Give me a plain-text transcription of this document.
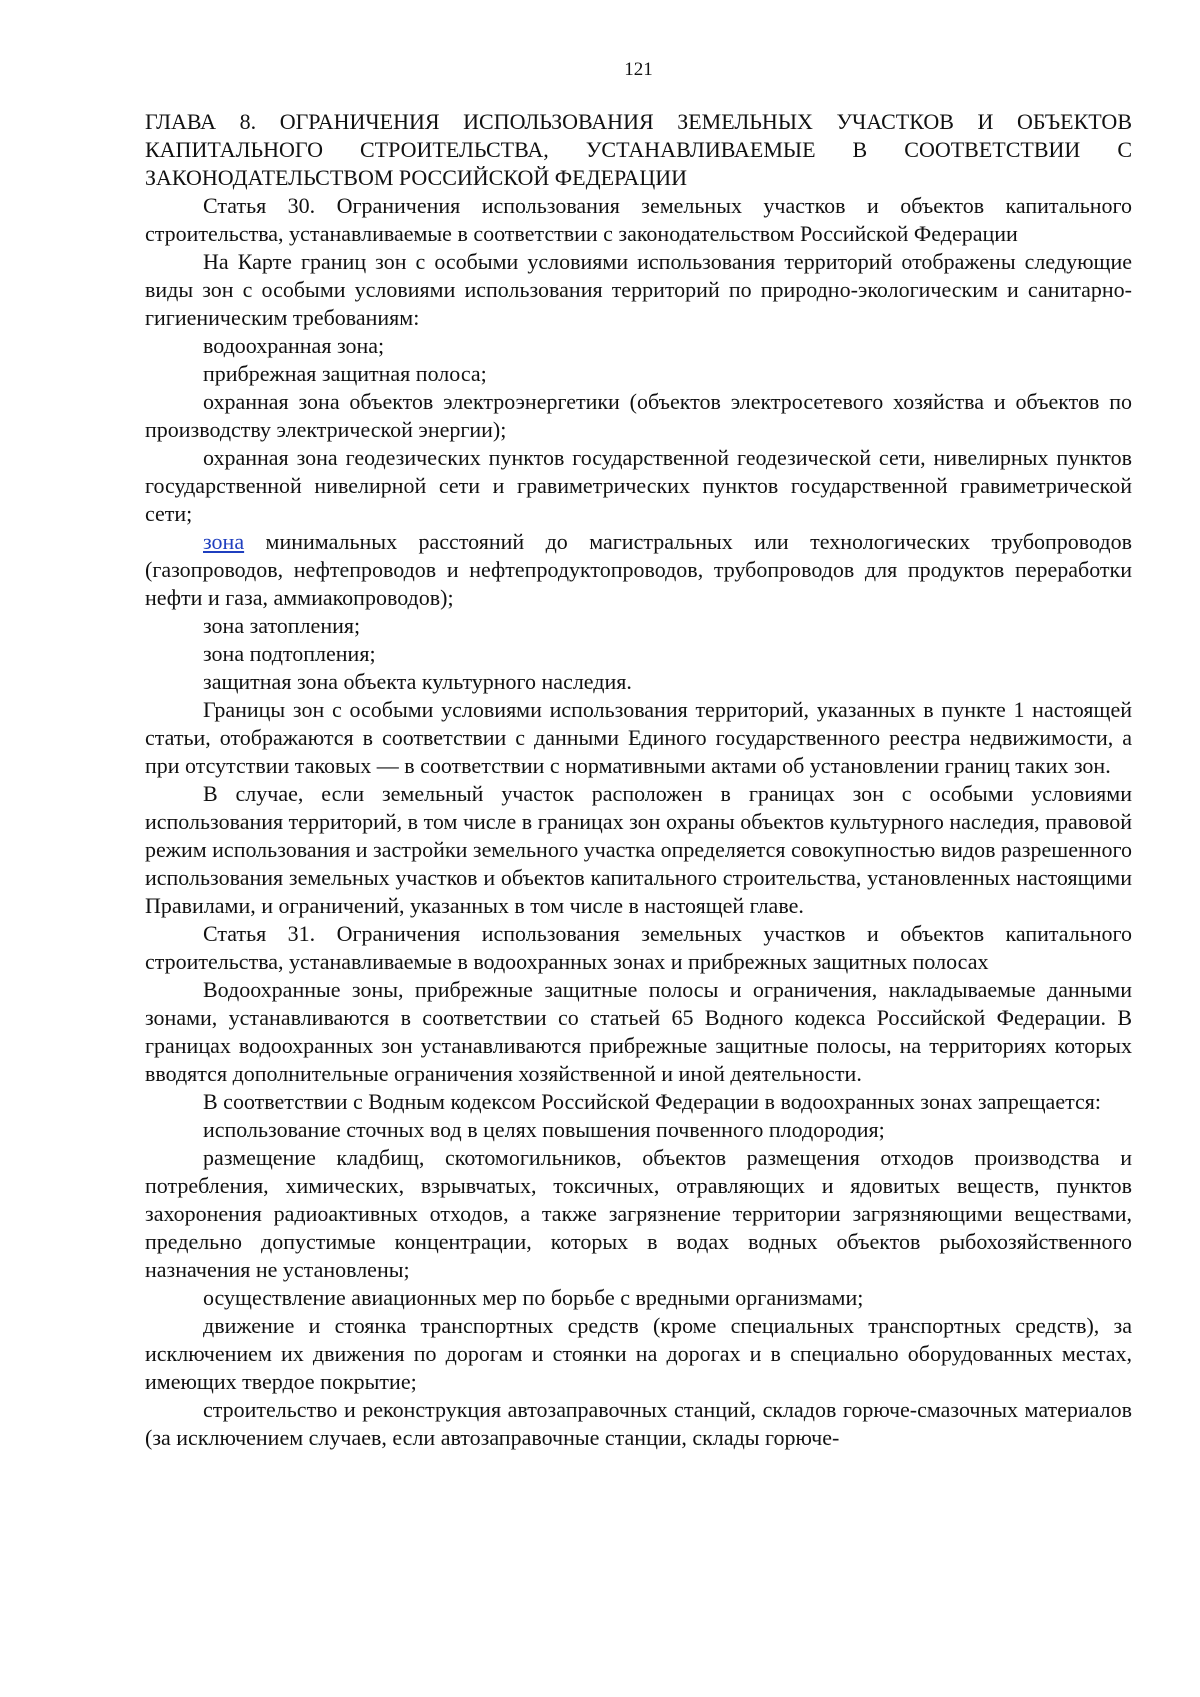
121

ГЛАВА 8. ОГРАНИЧЕНИЯ ИСПОЛЬЗОВАНИЯ ЗЕМЕЛЬНЫХ УЧАСТКОВ И ОБЪЕКТОВ КАПИТАЛЬНОГО СТРОИТЕЛЬСТВА, УСТАНАВЛИВАЕМЫЕ В СООТВЕТСТВИИ С ЗАКОНОДАТЕЛЬСТВОМ РОССИЙСКОЙ ФЕДЕРАЦИИ

Статья 30. Ограничения использования земельных участков и объектов капитального строительства, устанавливаемые в соответствии с законодательством Российской Федерации

На Карте границ зон с особыми условиями использования территорий отображены следующие виды зон с особыми условиями использования территорий по природно-экологическим и санитарно-гигиеническим требованиям:

водоохранная зона;

прибрежная защитная полоса;

охранная зона объектов электроэнергетики (объектов электросетевого хозяйства и объектов по производству электрической энергии);

охранная зона геодезических пунктов государственной геодезической сети, нивелирных пунктов государственной нивелирной сети и гравиметрических пунктов государственной гравиметрической сети;

зона минимальных расстояний до магистральных или технологических трубопроводов (газопроводов, нефтепроводов и нефтепродуктопроводов, трубопроводов для продуктов переработки нефти и газа, аммиакопроводов);

зона затопления;

зона подтопления;

защитная зона объекта культурного наследия.

Границы зон с особыми условиями использования территорий, указанных в пункте 1 настоящей статьи, отображаются в соответствии с данными Единого государственного реестра недвижимости, а при отсутствии таковых — в соответствии с нормативными актами об установлении границ таких зон.

В случае, если земельный участок расположен в границах зон с особыми условиями использования территорий, в том числе в границах зон охраны объектов культурного наследия, правовой режим использования и застройки земельного участка определяется совокупностью видов разрешенного использования земельных участков и объектов капитального строительства, установленных настоящими Правилами, и ограничений, указанных в том числе в настоящей главе.

Статья 31. Ограничения использования земельных участков и объектов капитального строительства, устанавливаемые в водоохранных зонах и прибрежных защитных полосах

Водоохранные зоны, прибрежные защитные полосы и ограничения, накладываемые данными зонами, устанавливаются в соответствии со статьей 65 Водного кодекса Российской Федерации. В границах водоохранных зон устанавливаются прибрежные защитные полосы, на территориях которых вводятся дополнительные ограничения хозяйственной и иной деятельности.

В соответствии с Водным кодексом Российской Федерации в водоохранных зонах запрещается:

использование сточных вод в целях повышения почвенного плодородия;

размещение кладбищ, скотомогильников, объектов размещения отходов производства и потребления, химических, взрывчатых, токсичных, отравляющих и ядовитых веществ, пунктов захоронения радиоактивных отходов, а также загрязнение территории загрязняющими веществами, предельно допустимые концентрации, которых в водах водных объектов рыбохозяйственного назначения не установлены;

осуществление авиационных мер по борьбе с вредными организмами;

движение и стоянка транспортных средств (кроме специальных транспортных средств), за исключением их движения по дорогам и стоянки на дорогах и в специально оборудованных местах, имеющих твердое покрытие;

строительство и реконструкция автозаправочных станций, складов горюче-смазочных материалов (за исключением случаев, если автозаправочные станции, склады горюче-
